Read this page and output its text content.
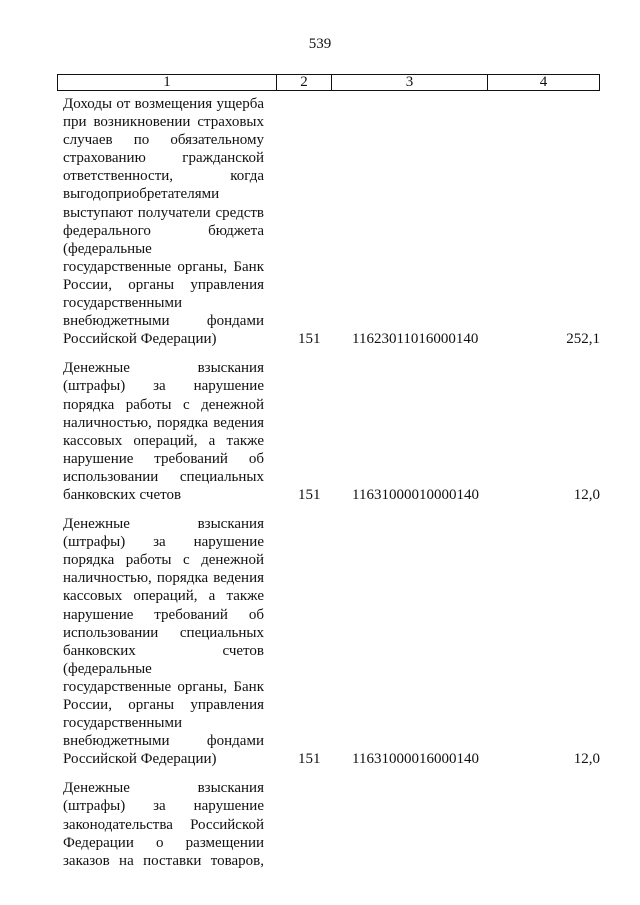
539
1	2	3	4
Доходы от возмещения ущерба
при возникновении страховых
случаев по обязательному
страхованию гражданской
ответственности, когда
выгодоприобретателями
выступают получатели средств
федерального бюджета
(федеральные
государственные органы, Банк
России, органы управления
государственными
внебюджетными фондами
Российской Федерации)	151 11623011016000140	252,1
Денежные взыскания
(штрафы) за нарушение
порядка работы с денежной
наличностью, порядка ведения
кассовых операций, а также
нарушение требований об
использовании специальных
банковских счетов	151 11631000010000140	12,0
Денежные взыскания
(штрафы) за нарушение
порядка работы с денежной
наличностью, порядка ведения
кассовых операций, а также
нарушение требований об
использовании специальных
банковских счетов
(федеральные
государственные органы, Банк
России, органы управления
государственными
внебюджетными фондами
Российской Федерации)	151 11631000016000140	12,0
Денежные взыскания
(штрафы) за нарушение
законодательства Российской
Федерации о размещении
заказов на поставки товаров,
